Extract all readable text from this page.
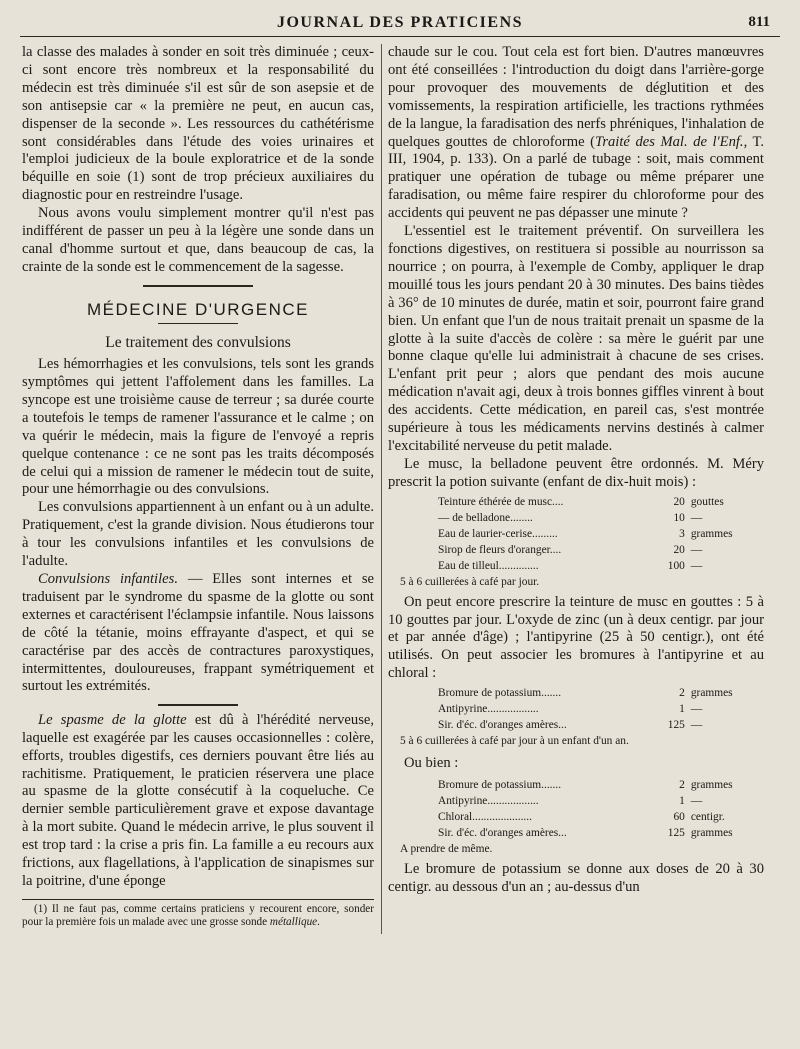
JOURNAL DES PRATICIENS	811

la classe des malades à sonder en soit très diminuée ; ceux-ci sont encore très nombreux et la responsabilité du médecin est très diminuée s'il est sûr de son asepsie et de son antisepsie car « la première ne peut, en aucun cas, dispenser de la seconde ». Les ressources du cathétérisme sont considérables dans l'étude des voies urinaires et l'emploi judicieux de la boule exploratrice et de la sonde béquille en soie (1) sont de trop précieux auxiliaires du diagnostic pour en restreindre l'usage.

Nous avons voulu simplement montrer qu'il n'est pas indifférent de passer un peu à la légère une sonde dans un canal d'homme surtout et que, dans beaucoup de cas, la crainte de la sonde est le commencement de la sagesse.

MÉDECINE D'URGENCE
Le traitement des convulsions

Les hémorrhagies et les convulsions, tels sont les grands symptômes qui jettent l'affolement dans les familles. La syncope est une troisième cause de terreur ; sa durée courte a toutefois le temps de ramener l'assurance et le calme ; on va quérir le médecin, mais la figure de l'envoyé a repris quelque contenance : ce ne sont pas les traits décomposés de celui qui a mission de ramener le médecin tout de suite, pour une hémorrhagie ou des convulsions.

Les convulsions appartiennent à un enfant ou à un adulte. Pratiquement, c'est la grande division. Nous étudierons tour à tour les convulsions infantiles et les convulsions de l'adulte.

Convulsions infantiles. — Elles sont internes et se traduisent par le syndrome du spasme de la glotte ou sont externes et caractérisent l'éclampsie infantile. Nous laissons de côté la tétanie, moins effrayante d'aspect, et qui se caractérise par des accès de contractures paroxystiques, intermittentes, douloureuses, frappant symétriquement et surtout les extrémités.

Le spasme de la glotte est dû à l'hérédité nerveuse, laquelle est exagérée par les causes occasionnelles : colère, efforts, troubles digestifs, ces derniers pouvant être liés au rachitisme. Pratiquement, le praticien réservera une place au spasme de la glotte consécutif à la coqueluche. Ce dernier semble particulièrement grave et expose davantage à la mort subite. Quand le médecin arrive, le plus souvent il est trop tard : la crise a pris fin. La famille a eu recours aux frictions, aux flagellations, à l'application de sinapismes sur la poitrine, d'une éponge

(1) Il ne faut pas, comme certains praticiens y recourent encore, sonder pour la première fois un malade avec une grosse sonde métallique.

chaude sur le cou. Tout cela est fort bien. D'autres manœuvres ont été conseillées : l'introduction du doigt dans l'arrière-gorge pour provoquer des mouvements de déglutition et des vomissements, la respiration artificielle, les tractions rythmées de la langue, la faradisation des nerfs phréniques, l'inhalation de quelques gouttes de chloroforme (Traité des Mal. de l'Enf., T. III, 1904, p. 133). On a parlé de tubage : soit, mais comment pratiquer une opération de tubage ou même préparer une faradisation, ou même faire respirer du chloroforme pour des accidents qui peuvent ne pas dépasser une minute ?

L'essentiel est le traitement préventif. On surveillera les fonctions digestives, on restituera si possible au nourrisson sa nourrice ; on pourra, à l'exemple de Comby, appliquer le drap mouillé tous les jours pendant 20 à 30 minutes. Des bains tièdes à 36° de 10 minutes de durée, matin et soir, pourront faire grand bien. Un enfant que l'un de nous traitait prenait un spasme de la glotte à la suite d'accès de colère : sa mère le guérit par une bonne claque qu'elle lui administrait à chacune de ses crises. L'enfant prit peur ; alors que pendant des mois aucune médication n'avait agi, deux à trois bonnes giffles vinrent à bout des accidents. Cette médication, en pareil cas, s'est montrée supérieure à tous les médicaments nervins destinés à calmer l'excitabilité nerveuse du petit malade.

Le musc, la belladone peuvent être ordonnés. M. Méry prescrit la potion suivante (enfant de dix-huit mois) :

Teinture éthérée de musc....	20 gouttes
— de belladone........	10 —
Eau de laurier-cerise.........	3 grammes
Sirop de fleurs d'oranger....	20 —
Eau de tilleul..............	100 —
5 à 6 cuillerées à café par jour.

On peut encore prescrire la teinture de musc en gouttes : 5 à 10 gouttes par jour. L'oxyde de zinc (un à deux centigr. par jour et par année d'âge) ; l'antipyrine (25 à 50 centigr.), ont été utilisés. On peut associer les bromures à l'antipyrine et au chloral :

Bromure de potassium.......	2 grammes
Antipyrine..................	1 —
Sir. d'éc. d'oranges amères...	125 —
5 à 6 cuillerées à café par jour à un enfant d'un an.
Ou bien :
Bromure de potassium.......	2 grammes
Antipyrine..................	1 —
Chloral.....................	60 centigr.
Sir. d'éc. d'oranges amères...	125 grammes
A prendre de même.

Le bromure de potassium se donne aux doses de 20 à 30 centigr. au dessous d'un an ; au-dessus d'un
